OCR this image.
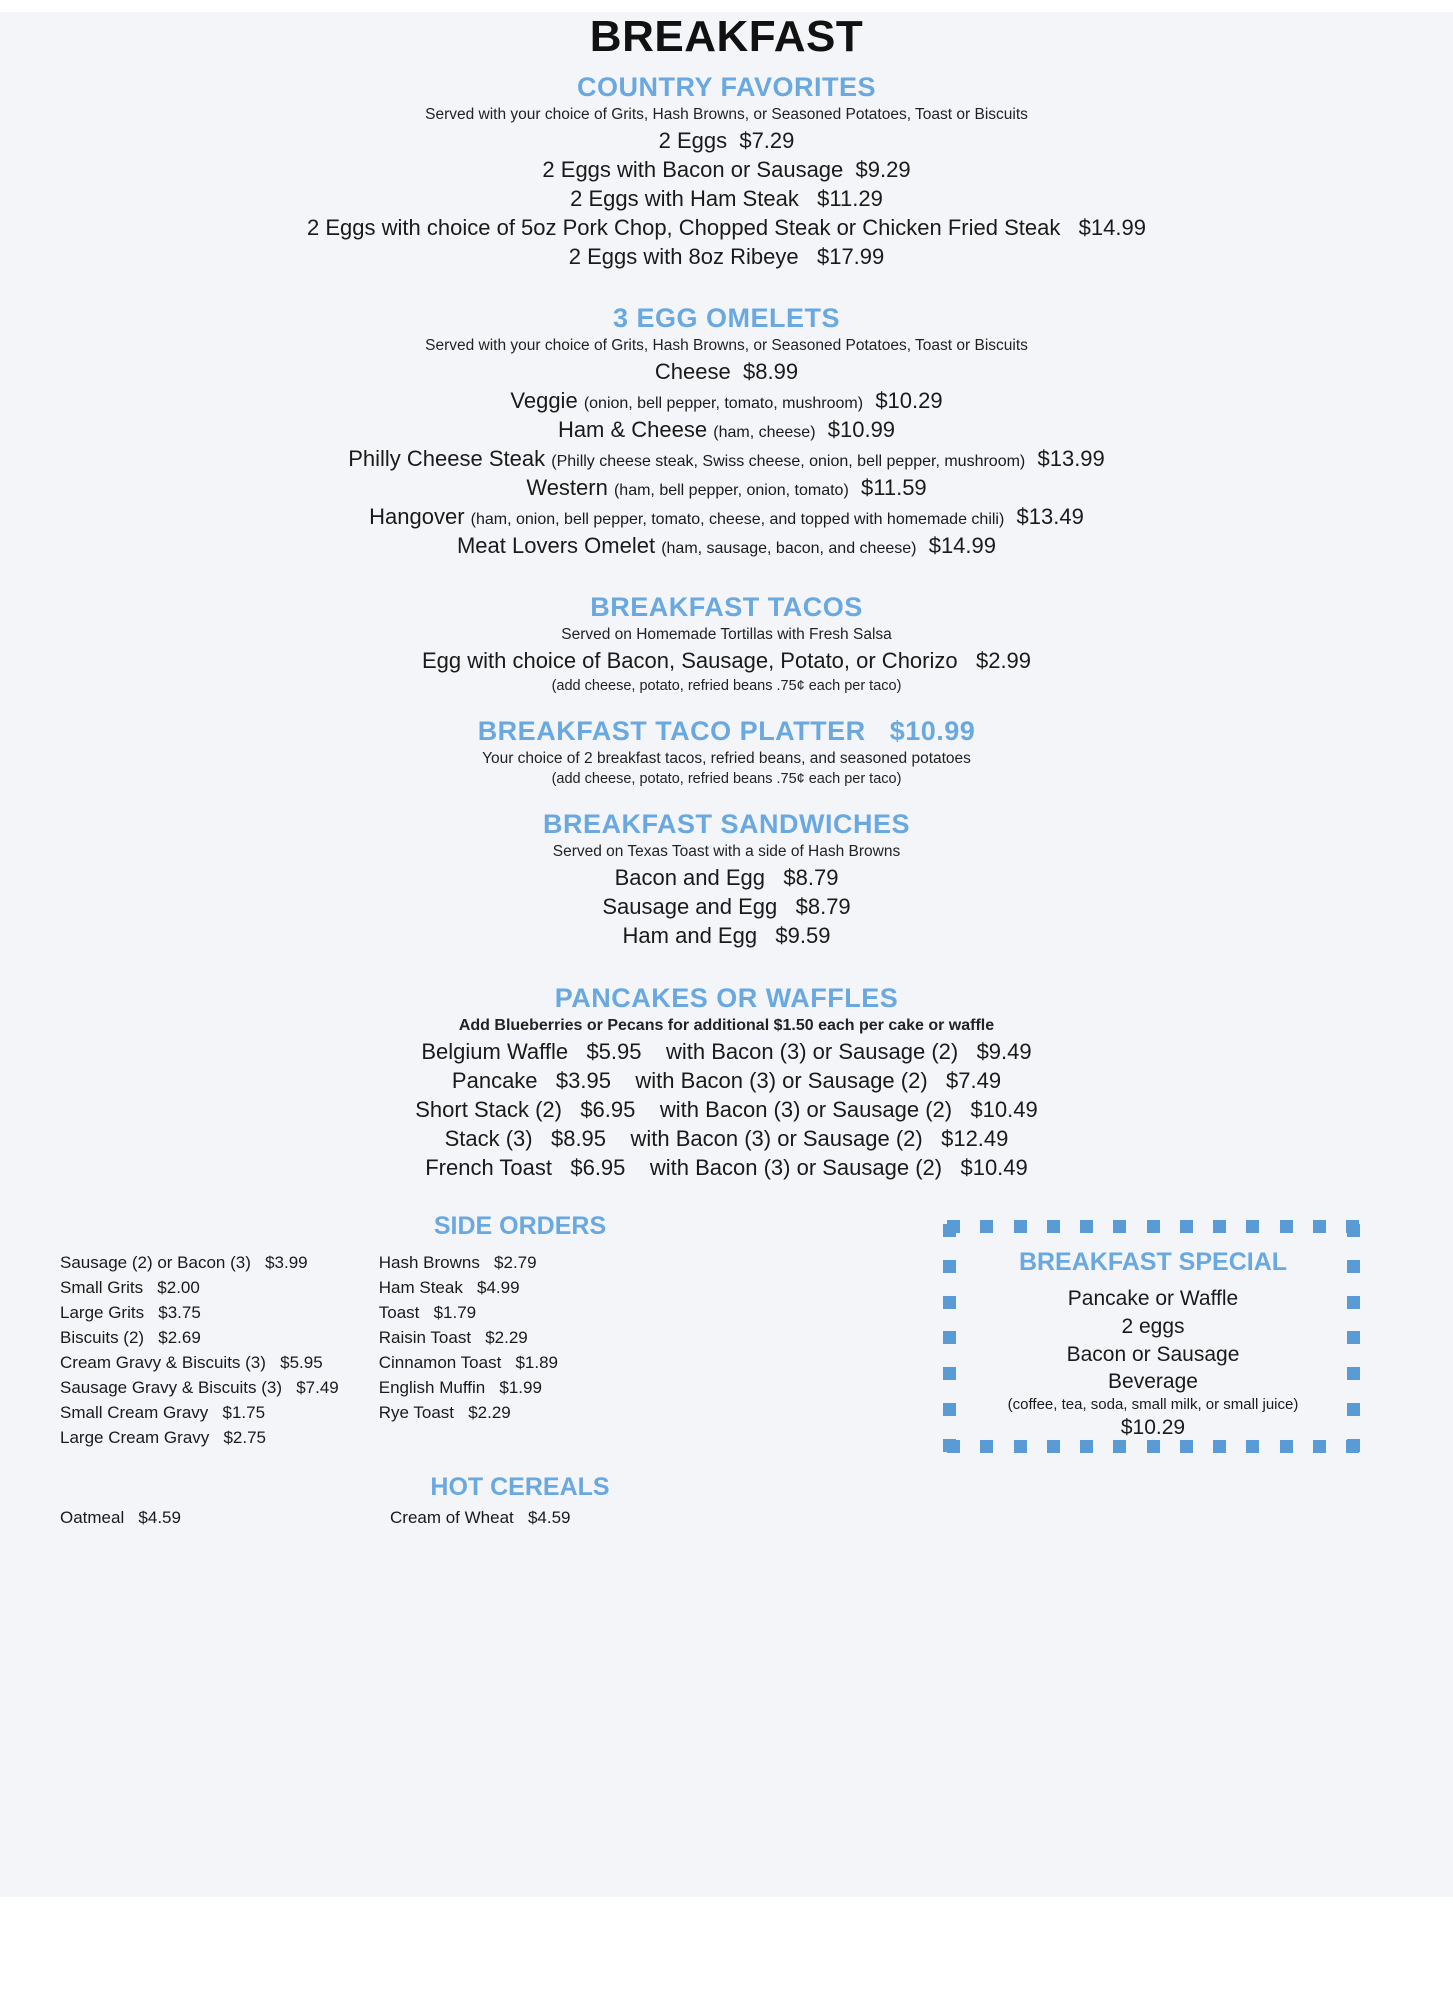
BREAKFAST
COUNTRY FAVORITES
Served with your choice of Grits, Hash Browns, or Seasoned Potatoes, Toast or Biscuits
2 Eggs $7.29
2 Eggs with Bacon or Sausage $9.29
2 Eggs with Ham Steak $11.29
2 Eggs with choice of 5oz Pork Chop, Chopped Steak or Chicken Fried Steak $14.99
2 Eggs with 8oz Ribeye $17.99
3 EGG OMELETS
Served with your choice of Grits, Hash Browns, or Seasoned Potatoes, Toast or Biscuits
Cheese $8.99
Veggie (onion, bell pepper, tomato, mushroom) $10.29
Ham & Cheese (ham, cheese) $10.99
Philly Cheese Steak (Philly cheese steak, Swiss cheese, onion, bell pepper, mushroom) $13.99
Western (ham, bell pepper, onion, tomato) $11.59
Hangover (ham, onion, bell pepper, tomato, cheese, and topped with homemade chili) $13.49
Meat Lovers Omelet (ham, sausage, bacon, and cheese) $14.99
BREAKFAST TACOS
Served on Homemade Tortillas with Fresh Salsa
Egg with choice of Bacon, Sausage, Potato, or Chorizo $2.99
(add cheese, potato, refried beans .75¢ each per taco)
BREAKFAST TACO PLATTER $10.99
Your choice of 2 breakfast tacos, refried beans, and seasoned potatoes
(add cheese, potato, refried beans .75¢ each per taco)
BREAKFAST SANDWICHES
Served on Texas Toast with a side of Hash Browns
Bacon and Egg $8.79
Sausage and Egg $8.79
Ham and Egg $9.59
PANCAKES OR WAFFLES
Add Blueberries or Pecans for additional $1.50 each per cake or waffle
Belgium Waffle $5.95 with Bacon (3) or Sausage (2) $9.49
Pancake $3.95 with Bacon (3) or Sausage (2) $7.49
Short Stack (2) $6.95 with Bacon (3) or Sausage (2) $10.49
Stack (3) $8.95 with Bacon (3) or Sausage (2) $12.49
French Toast $6.95 with Bacon (3) or Sausage (2) $10.49
SIDE ORDERS
Sausage (2) or Bacon (3) $3.99
Small Grits $2.00
Large Grits $3.75
Biscuits (2) $2.69
Cream Gravy & Biscuits (3) $5.95
Sausage Gravy & Biscuits (3) $7.49
Small Cream Gravy $1.75
Large Cream Gravy $2.75
Hash Browns $2.79
Ham Steak $4.99
Toast $1.79
Raisin Toast $2.29
Cinnamon Toast $1.89
English Muffin $1.99
Rye Toast $2.29
HOT CEREALS
Oatmeal $4.59	Cream of Wheat $4.59
BREAKFAST SPECIAL
Pancake or Waffle
2 eggs
Bacon or Sausage
Beverage
(coffee, tea, soda, small milk, or small juice)
$10.29
